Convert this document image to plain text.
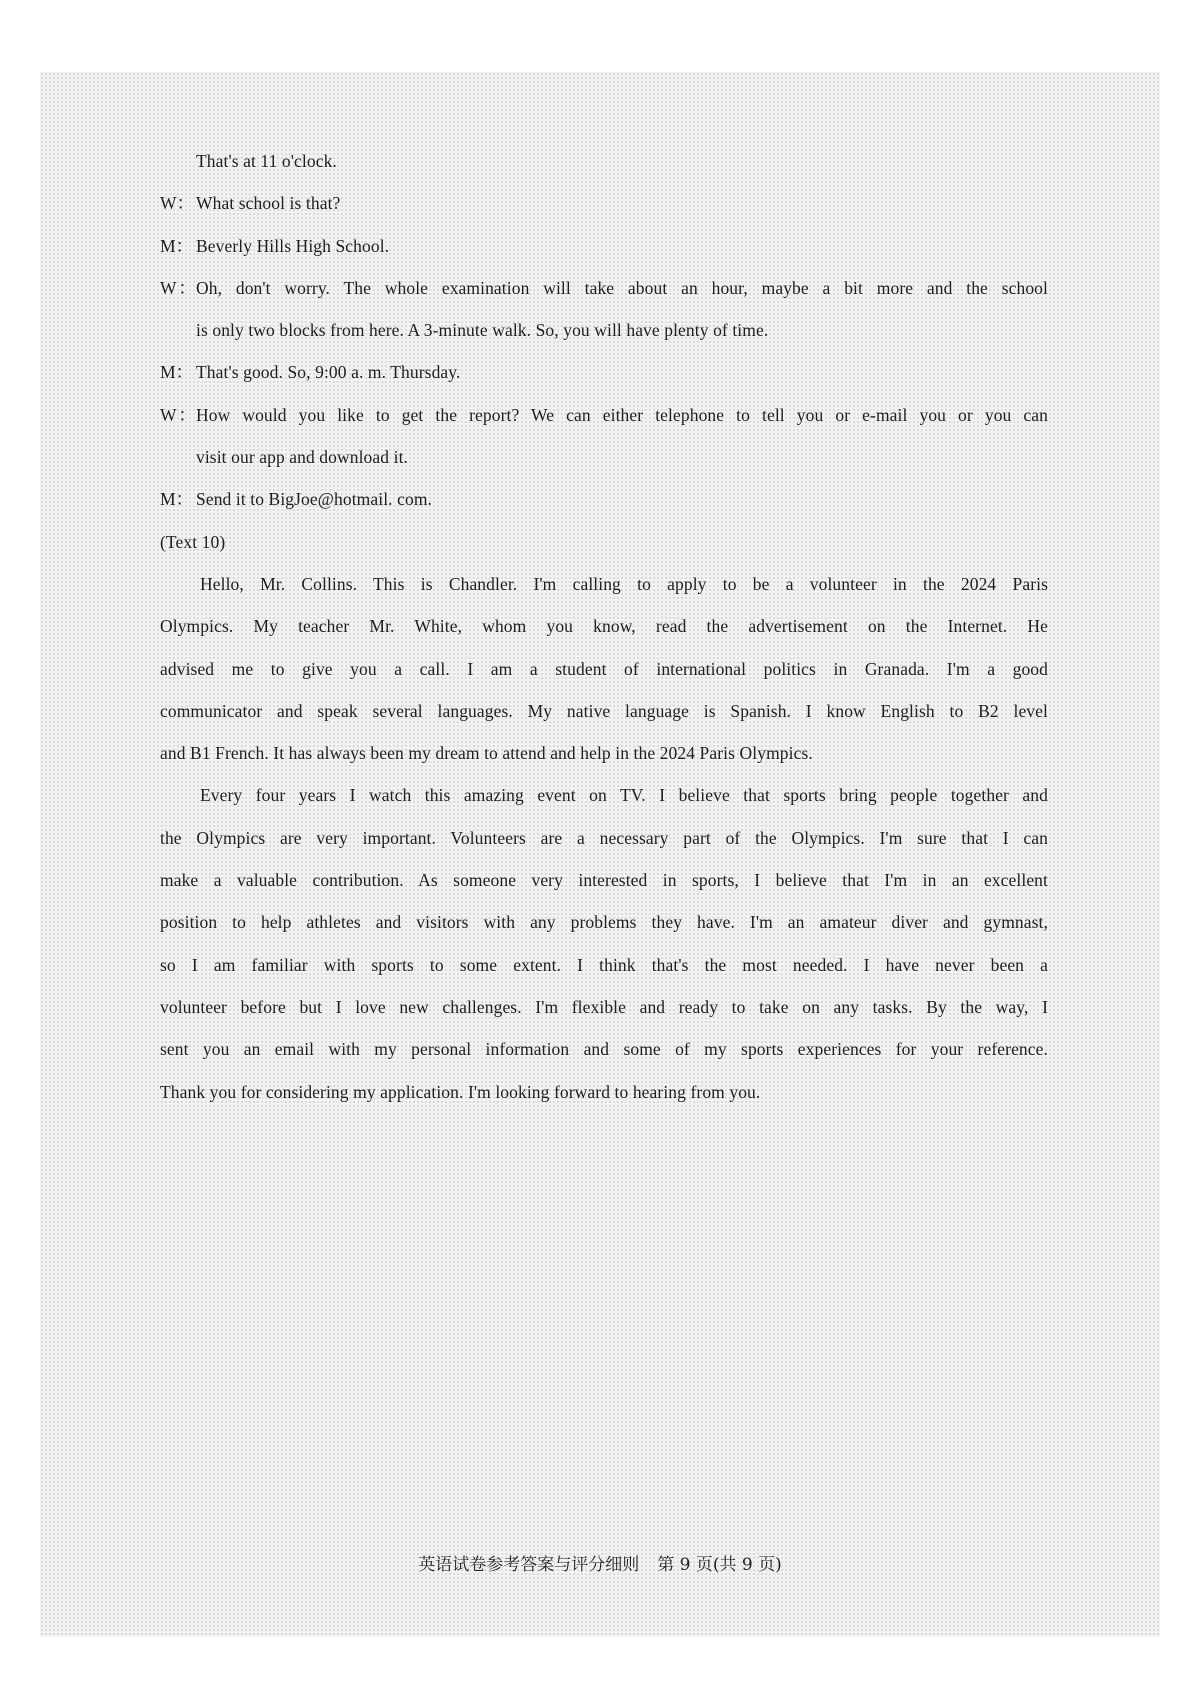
That's at 11 o'clock.
W： What school is that?
M： Beverly Hills High School.
W：Oh, don't worry. The whole examination will take about an hour, maybe a bit more and the school
is only two blocks from here. A 3-minute walk. So, you will have plenty of time.
M： That's good. So, 9:00 a. m. Thursday.
W：How would you like to get the report? We can either telephone to tell you or e-mail you or you can
visit our app and download it.
M： Send it to BigJoe@hotmail. com.
(Text 10)
Hello, Mr. Collins. This is Chandler. I'm calling to apply to be a volunteer in the 2024 Paris
Olympics. My teacher Mr. White, whom you know, read the advertisement on the Internet. He
advised me to give you a call. I am a student of international politics in Granada. I'm a good
communicator and speak several languages. My native language is Spanish. I know English to B2 level
and B1 French. It has always been my dream to attend and help in the 2024 Paris Olympics.
Every four years I watch this amazing event on TV. I believe that sports bring people together and
the Olympics are very important. Volunteers are a necessary part of the Olympics. I'm sure that I can
make a valuable contribution. As someone very interested in sports, I believe that I'm in an excellent
position to help athletes and visitors with any problems they have. I'm an amateur diver and gymnast,
so I am familiar with sports to some extent. I think that's the most needed. I have never been a
volunteer before but I love new challenges. I'm flexible and ready to take on any tasks. By the way, I
sent you an email with my personal information and some of my sports experiences for your reference.
Thank you for considering my application. I'm looking forward to hearing from you.
英语试卷参考答案与评分细则 第 9 页(共 9 页)
